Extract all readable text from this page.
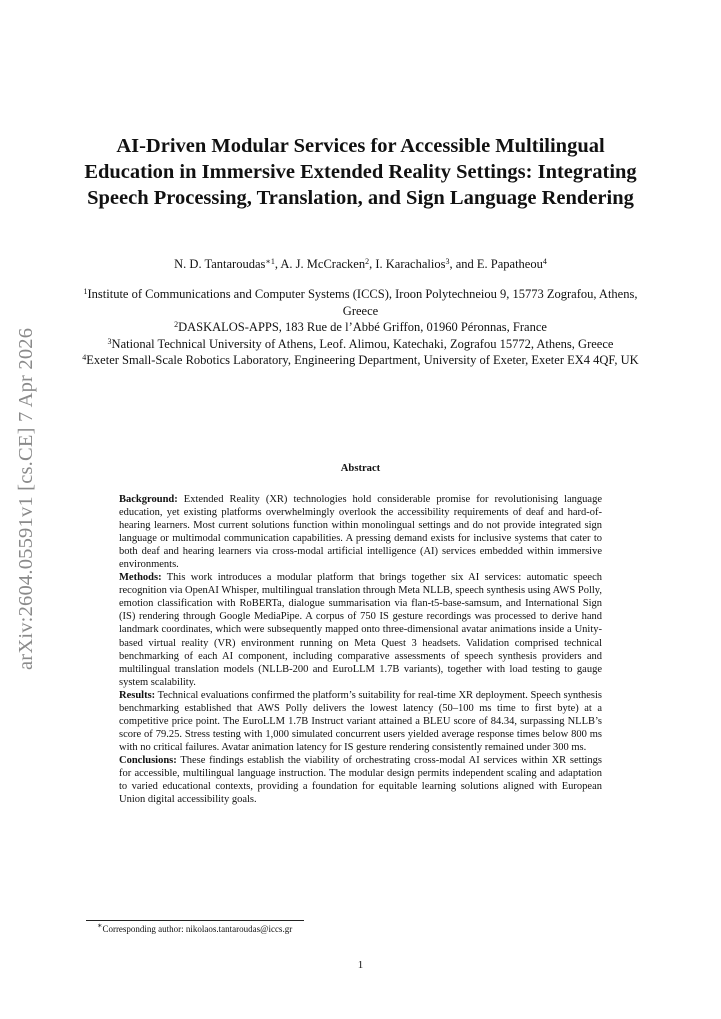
arXiv:2604.05591v1 [cs.CE] 7 Apr 2026
AI-Driven Modular Services for Accessible Multilingual Education in Immersive Extended Reality Settings: Integrating Speech Processing, Translation, and Sign Language Rendering
N. D. Tantaroudas$^{∗1}$, A. J. McCracken$^2$, I. Karachalios$^3$, and E. Papatheou$^4$
$^1$Institute of Communications and Computer Systems (ICCS), Iroon Polytechneiou 9, 15773 Zografou, Athens, Greece
$^2$DASKALOS-APPS, 183 Rue de l’Abbé Griffon, 01960 Péronnas, France
$^3$National Technical University of Athens, Leof. Alimou, Katechaki, Zografou 15772, Athens, Greece
$^4$Exeter Small-Scale Robotics Laboratory, Engineering Department, University of Exeter, Exeter EX4 4QF, UK
Abstract

Background: Extended Reality (XR) technologies hold considerable promise for revolutionising language education, yet existing platforms overwhelmingly overlook the accessibility requirements of deaf and hard-of-hearing learners. Most current solutions function within monolingual settings and do not provide integrated sign language or multimodal communication capabilities. A pressing demand exists for inclusive systems that cater to both deaf and hearing learners via cross-modal artificial intelligence (AI) services embedded within immersive environments.

Methods: This work introduces a modular platform that brings together six AI services: automatic speech recognition via OpenAI Whisper, multilingual translation through Meta NLLB, speech synthesis using AWS Polly, emotion classification with RoBERTa, dialogue summarisation via flan-t5-base-samsum, and International Sign (IS) rendering through Google MediaPipe. A corpus of 750 IS gesture recordings was processed to derive hand landmark coordinates, which were subsequently mapped onto three-dimensional avatar animations inside a Unity-based virtual reality (VR) environment running on Meta Quest 3 headsets. Validation comprised technical benchmarking of each AI component, including comparative assessments of speech synthesis providers and multilingual translation models (NLLB-200 and EuroLLM 1.7B variants), together with load testing to gauge system scalability.

Results: Technical evaluations confirmed the platform’s suitability for real-time XR deployment. Speech synthesis benchmarking established that AWS Polly delivers the lowest latency (50–100 ms time to first byte) at a competitive price point. The EuroLLM 1.7B Instruct variant attained a BLEU score of 84.34, surpassing NLLB’s score of 79.25. Stress testing with 1,000 simulated concurrent users yielded average response times below 800 ms with no critical failures. Avatar animation latency for IS gesture rendering consistently remained under 300 ms.

Conclusions: These findings establish the viability of orchestrating cross-modal AI services within XR settings for accessible, multilingual language instruction. The modular design permits independent scaling and adaptation to varied educational contexts, providing a foundation for equitable learning solutions aligned with European Union digital accessibility goals.

∗Corresponding author: nikolaos.tantaroudas@iccs.gr
1
